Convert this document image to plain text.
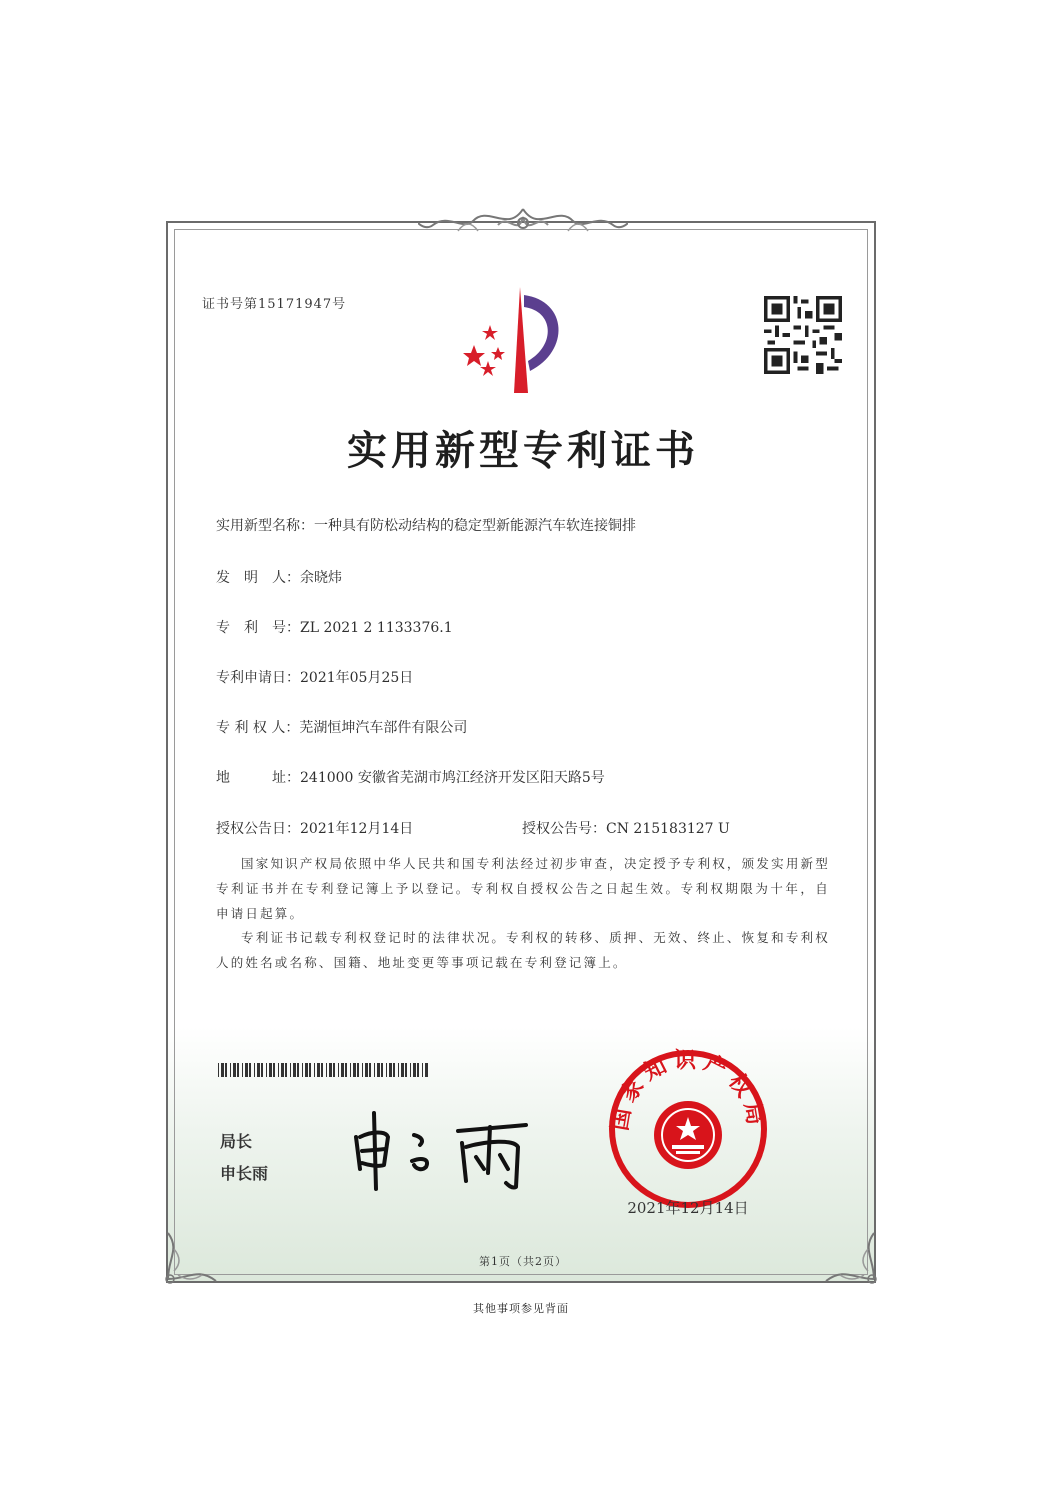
证书号第15171947号
实用新型专利证书
实用新型名称：一种具有防松动结构的稳定型新能源汽车软连接铜排
发　明　人：余晓炜
专　利　号：ZL 2021 2 1133376.1
专利申请日：2021年05月25日
专 利 权 人：芜湖恒坤汽车部件有限公司
地　　　址：241000 安徽省芜湖市鸠江经济开发区阳天路5号
授权公告日：2021年12月14日	授权公告号：CN 215183127 U
国家知识产权局依照中华人民共和国专利法经过初步审查，决定授予专利权，颁发实用新型专利证书并在专利登记簿上予以登记。专利权自授权公告之日起生效。专利权期限为十年，自申请日起算。
专利证书记载专利权登记时的法律状况。专利权的转移、质押、无效、终止、恢复和专利权人的姓名或名称、国籍、地址变更等事项记载在专利登记簿上。
局长
申长雨
国家知识产权局
2021年12月14日
第1页（共2页）
其他事项参见背面
